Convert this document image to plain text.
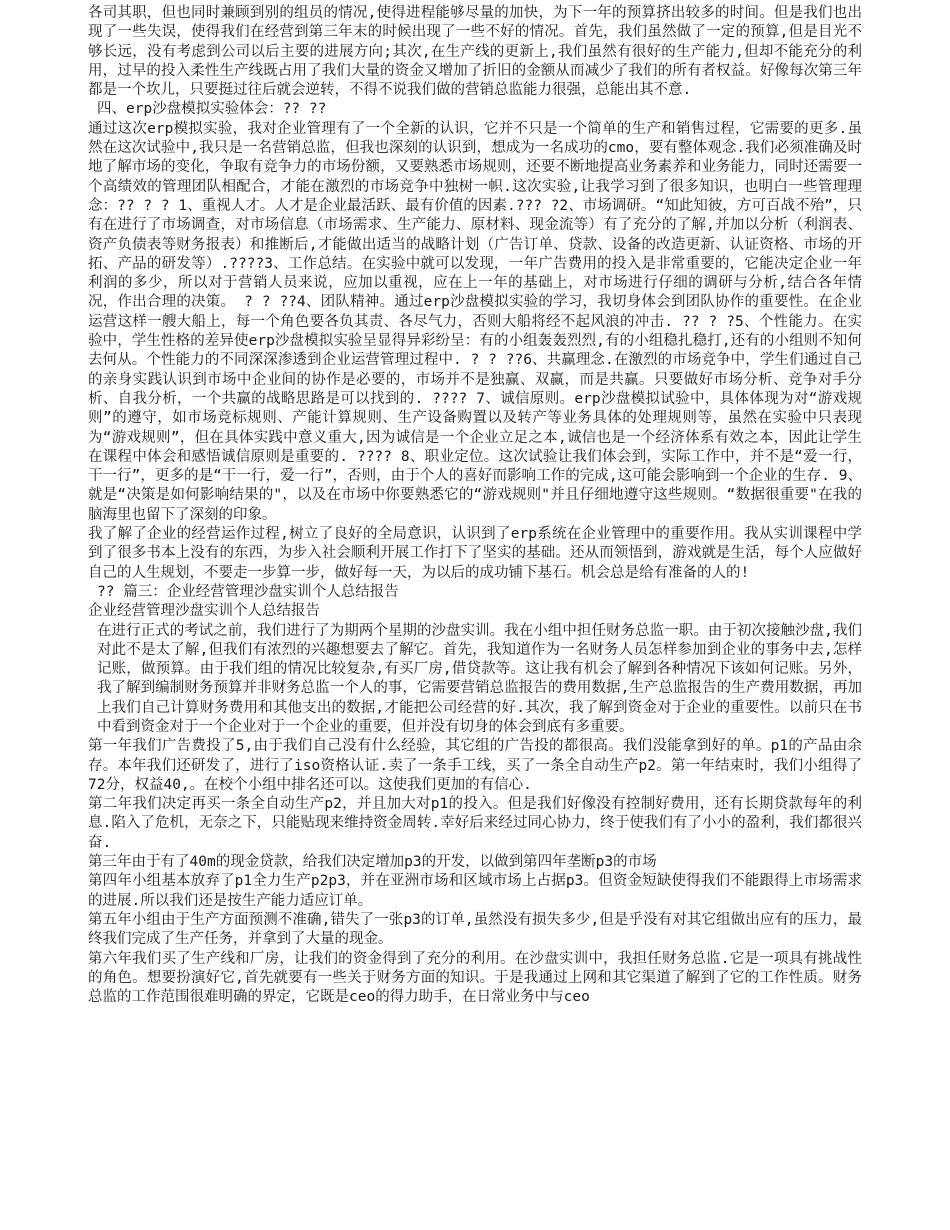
各司其职，但也同时兼顾到别的组员的情况,使得进程能够尽量的加快，为下一年的预算挤出较多的时间。但是我们也出现了一些失误，使得我们在经营到第三年末的时候出现了一些不好的情况。首先，我们虽然做了一定的预算,但是目光不够长远，没有考虑到公司以后主要的进展方向;其次,在生产线的更新上,我们虽然有很好的生产能力,但却不能充分的利用，过早的投入柔性生产线既占用了我们大量的资金又增加了折旧的金额从而减少了我们的所有者权益。好像每次第三年都是一个坎儿，只要挺过往后就会逆转，不得不说我们做的营销总监能力很强，总能出其不意.

四、erp沙盘模拟实验体会：?? ??

通过这次erp模拟实验，我对企业管理有了一个全新的认识，它并不只是一个简单的生产和销售过程，它需要的更多.虽然在这次试验中,我只是一名营销总监，但我也深刻的认识到，想成为一名成功的cmo，要有整体观念.我们必须准确及时地了解市场的变化，争取有竞争力的市场份额，又要熟悉市场规则，还要不断地提高业务素养和业务能力，同时还需要一个高绩效的管理团队相配合，才能在激烈的市场竞争中独树一帜.这次实验,让我学习到了很多知识，也明白一些管理理念：?? ? ? 1、重视人才。人才是企业最活跃、最有价值的因素.??? ?2、市场调研。“知此知彼，方可百战不殆”，只有在进行了市场调查，对市场信息（市场需求、生产能力、原材料、现金流等）有了充分的了解,并加以分析（利润表、资产负债表等财务报表）和推断后,才能做出适当的战略计划（广告订单、贷款、设备的改造更新、认证资格、市场的开拓、产品的研发等）.????3、工作总结。在实验中就可以发现，一年广告费用的投入是非常重要的，它能决定企业一年利润的多少，所以对于营销人员来说，应加以重视，应在上一年的基础上，对市场进行仔细的调研与分析,结合各年情况，作出合理的决策。 ? ? ??4、团队精神。通过erp沙盘模拟实验的学习，我切身体会到团队协作的重要性。在企业运营这样一艘大船上，每一个角色要各负其责、各尽气力，否则大船将经不起风浪的冲击. ?? ? ?5、个性能力。在实验中，学生性格的差异使erp沙盘模拟实验呈显得异彩纷呈：有的小组轰轰烈烈,有的小组稳扎稳打,还有的小组则不知何去何从。个性能力的不同深深渗透到企业运营管理过程中. ? ? ??6、共赢理念.在激烈的市场竞争中，学生们通过自己的亲身实践认识到市场中企业间的协作是必要的，市场并不是独赢、双赢，而是共赢。只要做好市场分析、竞争对手分析、自我分析，一个共赢的战略思路是可以找到的. ???? 7、诚信原则。erp沙盘模拟试验中，具体体现为对“游戏规则”的遵守，如市场竞标规则、产能计算规则、生产设备购置以及转产等业务具体的处理规则等，虽然在实验中只表现为“游戏规则”，但在具体实践中意义重大,因为诚信是一个企业立足之本,诚信也是一个经济体系有效之本，因此让学生在课程中体会和感悟诚信原则是重要的. ???? 8、职业定位。这次试验让我们体会到，实际工作中，并不是“爱一行，干一行”，更多的是“干一行，爱一行”，否则，由于个人的喜好而影响工作的完成,这可能会影响到一个企业的生存. 9、 就是“决策是如何影响结果的"，以及在市场中你要熟悉它的“游戏规则"并且仔细地遵守这些规则。“数据很重要"在我的脑海里也留下了深刻的印象。

我了解了企业的经营运作过程,树立了良好的全局意识，认识到了erp系统在企业管理中的重要作用。我从实训课程中学到了很多书本上没有的东西，为步入社会顺利开展工作打下了坚实的基础。还从而领悟到，游戏就是生活，每个人应做好自己的人生规划，不要走一步算一步，做好每一天，为以后的成功铺下基石。机会总是给有准备的人的!

?? 篇三：企业经营管理沙盘实训个人总结报告

企业经营管理沙盘实训个人总结报告

在进行正式的考试之前，我们进行了为期两个星期的沙盘实训。我在小组中担任财务总监一职。由于初次接触沙盘,我们对此不是太了解,但我们有浓烈的兴趣想要去了解它。首先，我知道作为一名财务人员怎样参加到企业的事务中去,怎样记账，做预算。由于我们组的情况比较复杂,有买厂房,借贷款等。这让我有机会了解到各种情况下该如何记账。另外，我了解到编制财务预算并非财务总监一个人的事，它需要营销总监报告的费用数据,生产总监报告的生产费用数据，再加上我们自己计算财务费用和其他支出的数据,才能把公司经营的好.其次，我了解到资金对于企业的重要性。以前只在书中看到资金对于一个企业对于一个企业的重要，但并没有切身的体会到底有多重要。

第一年我们广告费投了5,由于我们自己没有什么经验，其它组的广告投的都很高。我们没能拿到好的单。p1的产品由余存。本年我们还研发了，进行了iso资格认证.卖了一条手工线，买了一条全自动生产p2。第一年结束时，我们小组得了72分，权益40,。在校个小组中排名还可以。这使我们更加的有信心.

第二年我们决定再买一条全自动生产p2，并且加大对p1的投入。但是我们好像没有控制好费用，还有长期贷款每年的利息.陷入了危机，无奈之下，只能贴现来维持资金周转.幸好后来经过同心协力，终于使我们有了小小的盈利，我们都很兴奋.

第三年由于有了40m的现金贷款，给我们决定增加p3的开发，以做到第四年垄断p3的市场

第四年小组基本放弃了p1全力生产p2p3，并在亚洲市场和区域市场上占据p3。但资金短缺使得我们不能跟得上市场需求的进展.所以我们还是按生产能力适应订单。

第五年小组由于生产方面预测不准确,错失了一张p3的订单,虽然没有损失多少,但是乎没有对其它组做出应有的压力，最终我们完成了生产任务，并拿到了大量的现金。

第六年我们买了生产线和厂房，让我们的资金得到了充分的利用。在沙盘实训中，我担任财务总监.它是一项具有挑战性的角色。想要扮演好它,首先就要有一些关于财务方面的知识。于是我通过上网和其它渠道了解到了它的工作性质。财务总监的工作范围很难明确的界定，它既是ceo的得力助手，在日常业务中与ceo
